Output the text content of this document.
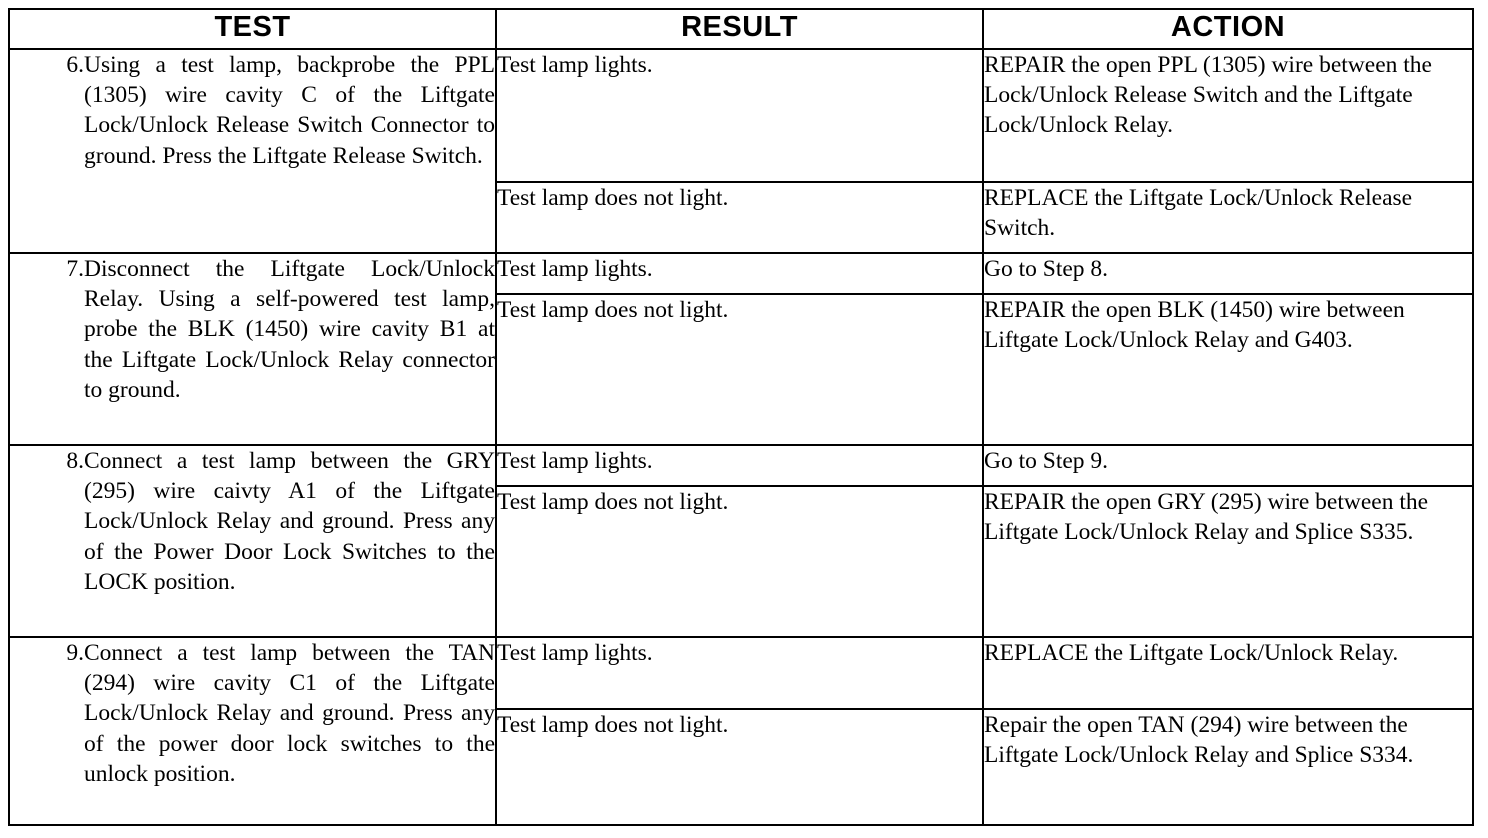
TEST	RESULT	ACTION

6. Using a test lamp, backprobe the PPL (1305) wire cavity C of the Liftgate Lock/Unlock Release Switch Connector to ground. Press the Liftgate Release Switch.	Test lamp lights.	REPAIR the open PPL (1305) wire between the Lock/Unlock Release Switch and the Liftgate Lock/Unlock Relay.
	Test lamp does not light.	REPLACE the Liftgate Lock/Unlock Release Switch.

7. Disconnect the Liftgate Lock/Unlock Relay. Using a self-powered test lamp, probe the BLK (1450) wire cavity B1 at the Liftgate Lock/Unlock Relay connector to ground.	Test lamp lights.	Go to Step 8.
	Test lamp does not light.	REPAIR the open BLK (1450) wire between Liftgate Lock/Unlock Relay and G403.

8. Connect a test lamp between the GRY (295) wire caivty A1 of the Liftgate Lock/Unlock Relay and ground. Press any of the Power Door Lock Switches to the LOCK position.	Test lamp lights.	Go to Step 9.
	Test lamp does not light.	REPAIR the open GRY (295) wire between the Liftgate Lock/Unlock Relay and Splice S335.

9. Connect a test lamp between the TAN (294) wire cavity C1 of the Liftgate Lock/Unlock Relay and ground. Press any of the power door lock switches to the unlock position.	Test lamp lights.	REPLACE the Liftgate Lock/Unlock Relay.
	Test lamp does not light.	Repair the open TAN (294) wire between the Liftgate Lock/Unlock Relay and Splice S334.
